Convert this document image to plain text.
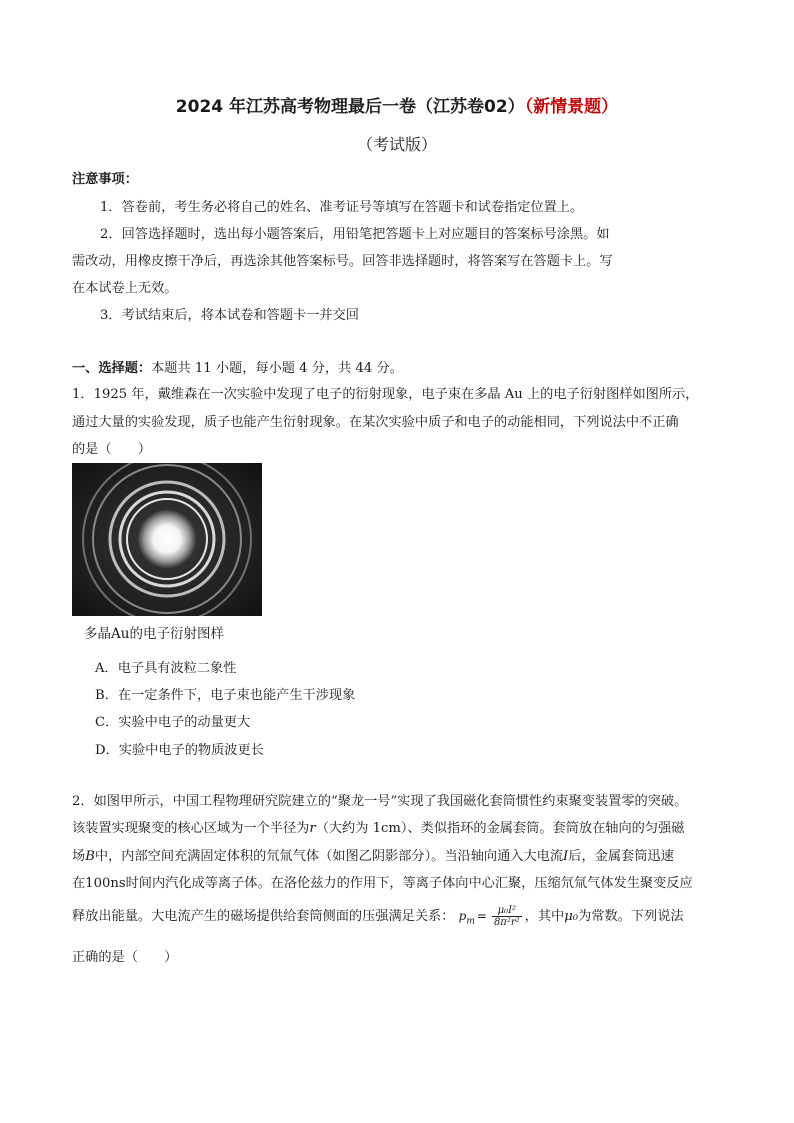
2024 年江苏高考物理最后一卷（江苏卷02）（新情景题）
（考试版）
注意事项：
1．答卷前，考生务必将自己的姓名、准考证号等填写在答题卡和试卷指定位置上。
2．回答选择题时，选出每小题答案后，用铅笔把答题卡上对应题目的答案标号涂黑。如
需改动，用橡皮擦干净后，再选涂其他答案标号。回答非选择题时，将答案写在答题卡上。写
在本试卷上无效。
3．考试结束后，将本试卷和答题卡一并交回
一、选择题：本题共 11 小题，每小题 4 分，共 44 分。
1．1925 年，戴维森在一次实验中发现了电子的衍射现象，电子束在多晶 Au 上的电子衍射图样如图所示，
通过大量的实验发现，质子也能产生衍射现象。在某次实验中质子和电子的动能相同，下列说法中不正确
的是（　　）
多晶Au的电子衍射图样
A．电子具有波粒二象性
B．在一定条件下，电子束也能产生干涉现象
C．实验中电子的动量更大
D．实验中电子的物质波更长
2．如图甲所示，中国工程物理研究院建立的“聚龙一号”实现了我国磁化套筒惯性约束聚变装置零的突破。
该装置实现聚变的核心区域为一个半径为r（大约为 1cm）、类似指环的金属套筒。套筒放在轴向的匀强磁
场B中，内部空间充满固定体积的氘氚气体（如图乙阴影部分）。当沿轴向通入大电流I后，金属套筒迅速
在100ns时间内汽化成等离子体。在洛伦兹力的作用下，等离子体向中心汇聚，压缩氘氚气体发生聚变反应
释放出能量。大电流产生的磁场提供给套筒侧面的压强满足关系： $p_m = \frac{\text{μ₀I²}}{\text{8π²r²}}$ ，其中μ₀为常数。下列说法
正确的是（　　）
